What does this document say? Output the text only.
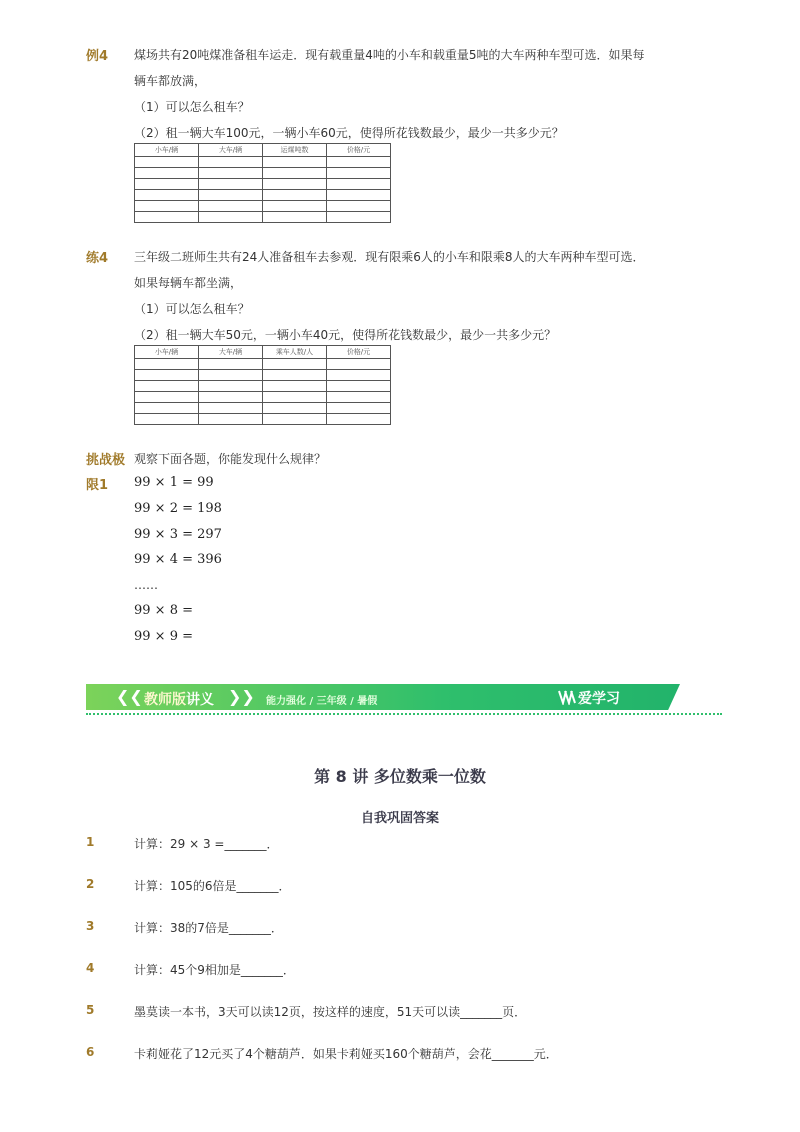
例4 煤场共有20吨煤准备租车运走．现有载重量4吨的小车和载重量5吨的大车两种车型可选．如果每
辆车都放满，
（1）可以怎么租车？
（2）租一辆大车100元，一辆小车60元，使得所花钱数最少，最少一共多少元？
小车/辆	大车/辆	运煤吨数	价格/元

练4 三年级二班师生共有24人准备租车去参观．现有限乘6人的小车和限乘8人的大车两种车型可选．
如果每辆车都坐满，
（1）可以怎么租车？
（2）租一辆大车50元，一辆小车40元，使得所花钱数最少，最少一共多少元？
小车/辆	大车/辆	乘车人数/人	价格/元

挑战极
限1
观察下面各题，你能发现什么规律？
99 × 1 = 99
99 × 2 = 198
99 × 3 = 297
99 × 4 = 396
……
99 × 8 =
99 × 9 =
❮❮ 教师版讲义 ❯❯ 能力强化 / 三年级 / 暑假	爱学习
第 8 讲 多位数乘一位数
自我巩固答案
1	计算：29 × 3 =_______．
2	计算：105的6倍是_______．
3	计算：38的7倍是_______．
4	计算：45个9相加是_______．
5	墨莫读一本书，3天可以读12页，按这样的速度，51天可以读_______页．
6	卡莉娅花了12元买了4个糖葫芦．如果卡莉娅买160个糖葫芦，会花_______元．
